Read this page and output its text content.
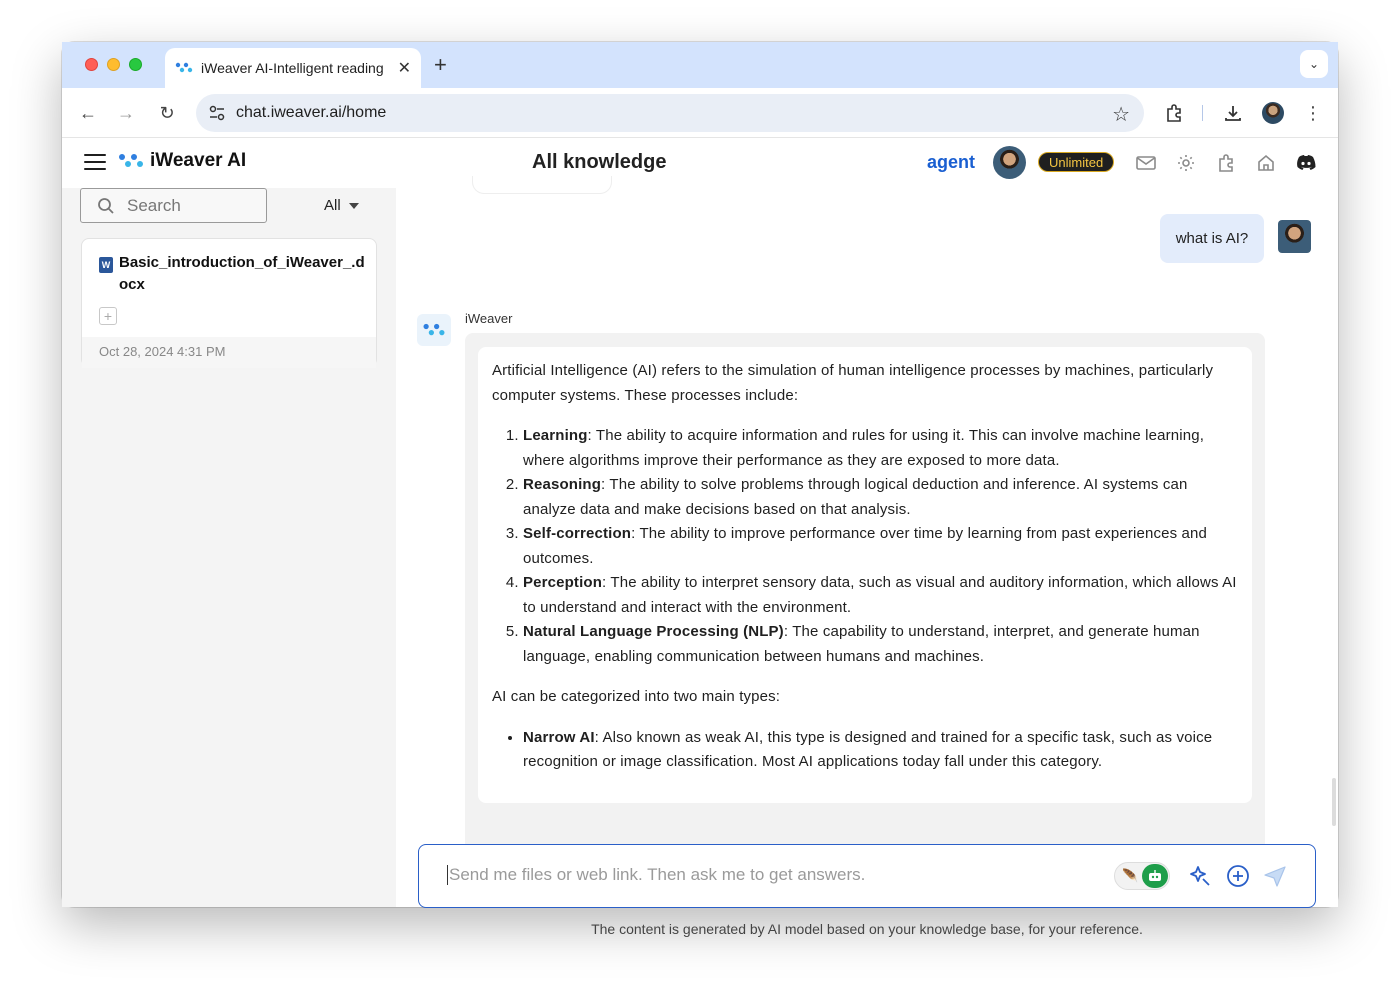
iWeaver AI-Intelligent reading ✕ +	⌄
← → ↻	chat.iweaver.ai/home	☆	⋮
iWeaver AI	All knowledge	agent	Unlimited
Search	All
W Basic_introduction_of_iWeaver_.docx
+
Oct 28, 2024 4:31 PM
what is AI?
iWeaver

Artificial Intelligence (AI) refers to the simulation of human intelligence processes by machines, particularly computer systems. These processes include:

1. Learning: The ability to acquire information and rules for using it. This can involve machine learning, where algorithms improve their performance as they are exposed to more data.
2. Reasoning: The ability to solve problems through logical deduction and inference. AI systems can analyze data and make decisions based on that analysis.
3. Self-correction: The ability to improve performance over time by learning from past experiences and outcomes.
4. Perception: The ability to interpret sensory data, such as visual and auditory information, which allows AI to understand and interact with the environment.
5. Natural Language Processing (NLP): The capability to understand, interpret, and generate human language, enabling communication between humans and machines.

AI can be categorized into two main types:

• Narrow AI: Also known as weak AI, this type is designed and trained for a specific task, such as voice recognition or image classification. Most AI applications today fall under this category.
Send me files or web link. Then ask me to get answers.
🪶
The content is generated by AI model based on your knowledge base, for your reference.
